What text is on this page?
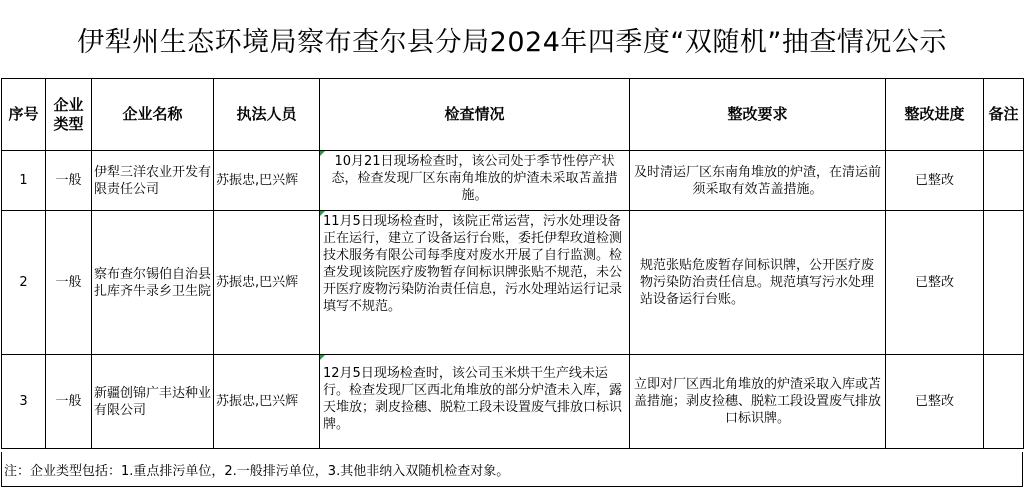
伊犁州生态环境局察布查尔县分局2024年四季度“双随机”抽查情况公示
序号	企业类型	企业名称	执法人员	检查情况	整改要求	整改进度	备注
1	一般	伊犁三洋农业开发有限责任公司	苏振忠,巴兴辉	10月21日现场检查时，该公司处于季节性停产状态，检查发现厂区东南角堆放的炉渣未采取苫盖措施。	及时清运厂区东南角堆放的炉渣，在清运前须采取有效苫盖措施。	已整改	
2	一般	察布查尔锡伯自治县扎库齐牛录乡卫生院	苏振忠,巴兴辉	11月5日现场检查时，该院正常运营，污水处理设备正在运行，建立了设备运行台账，委托伊犁玫道检测技术服务有限公司每季度对废水开展了自行监测。检查发现该院医疗废物暂存间标识牌张贴不规范，未公开医疗废物污染防治责任信息，污水处理站运行记录填写不规范。	规范张贴危废暂存间标识牌，公开医疗废物污染防治责任信息。规范填写污水处理站设备运行台账。	已整改	
3	一般	新疆创锦广丰达种业有限公司	苏振忠,巴兴辉	12月5日现场检查时，该公司玉米烘干生产线未运行。检查发现厂区西北角堆放的部分炉渣未入库，露天堆放；剥皮捡穗、脱粒工段未设置废气排放口标识牌。	立即对厂区西北角堆放的炉渣采取入库或苫盖措施；剥皮捡穗、脱粒工段设置废气排放口标识牌。	已整改	
注：企业类型包括：1.重点排污单位，2.一般排污单位，3.其他非纳入双随机检查对象。
